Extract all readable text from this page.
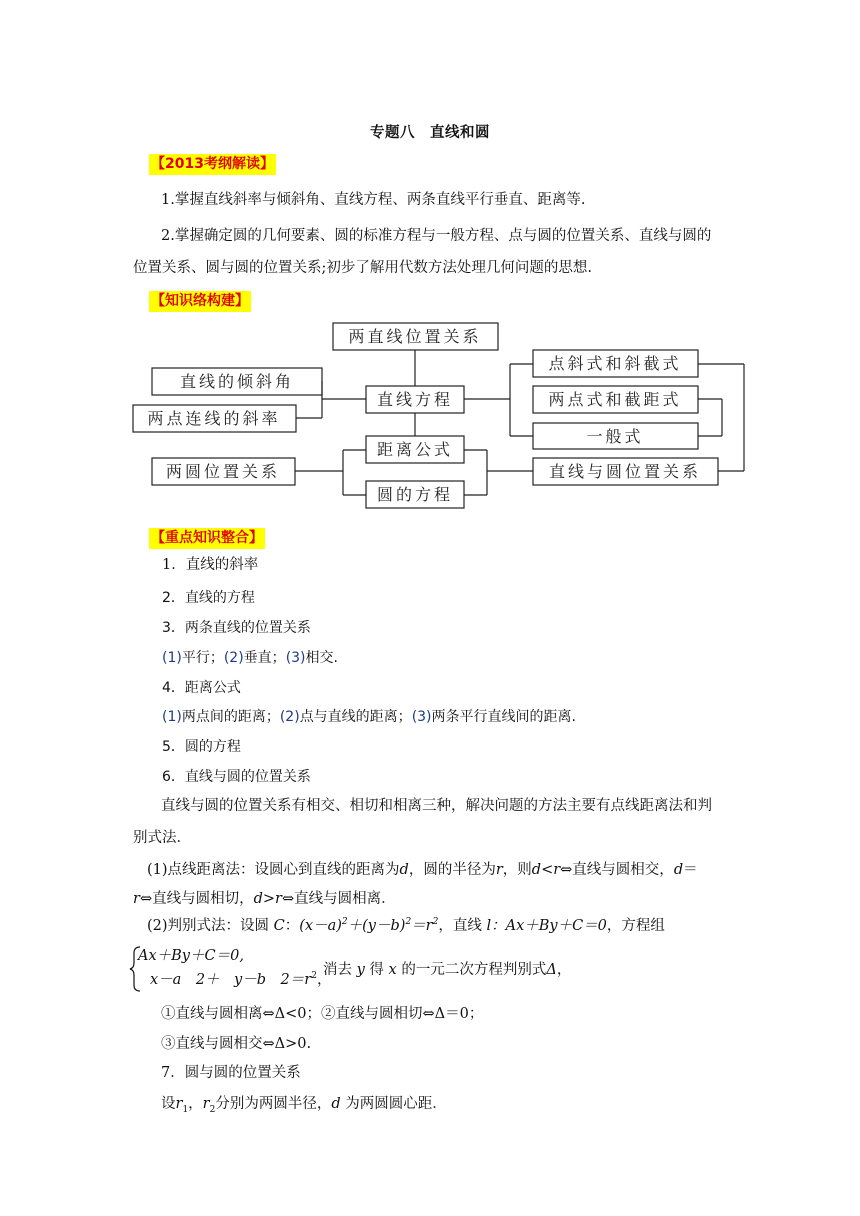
专题八　直线和圆
【2013考纲解读】
1.掌握直线斜率与倾斜角、直线方程、两条直线平行垂直、距离等.
2.掌握确定圆的几何要素、圆的标准方程与一般方程、点与圆的位置关系、直线与圆的
位置关系、圆与圆的位置关系;初步了解用代数方法处理几何问题的思想.
【知识络构建】
两直线位置关系
直线的倾斜角
两点连线的斜率
直线方程
点斜式和斜截式
两点式和截距式
一般式
距离公式
两圆位置关系
圆的方程
直线与圆位置关系
【重点知识整合】
1．直线的斜率
2．直线的方程
3．两条直线的位置关系
(1)平行；(2)垂直；(3)相交.
4．距离公式
(1)两点间的距离；(2)点与直线的距离；(3)两条平行直线间的距离.
5．圆的方程
6．直线与圆的位置关系
直线与圆的位置关系有相交、相切和相离三种，解决问题的方法主要有点线距离法和判
别式法．
(1)点线距离法：设圆心到直线的距离为d，圆的半径为r，则d<r⇔直线与圆相交，d＝
r⇔直线与圆相切，d>r⇔直线与圆相离．
(2)判别式法：设圆 C：$(x-a)^2+(y-b)^2=r^2$，直线 l：Ax＋By＋C＝0，方程组
Ax＋By＋C＝0,
x－a　2＋　y－b　$2=r^2$，
消去 y 得 x 的一元二次方程判别式Δ，
①直线与圆相离⇔Δ<0；②直线与圆相切⇔Δ＝0；
③直线与圆相交⇔Δ>0.
7．圆与圆的位置关系
设$r_1$，$r_2$分别为两圆半径，d 为两圆圆心距．
